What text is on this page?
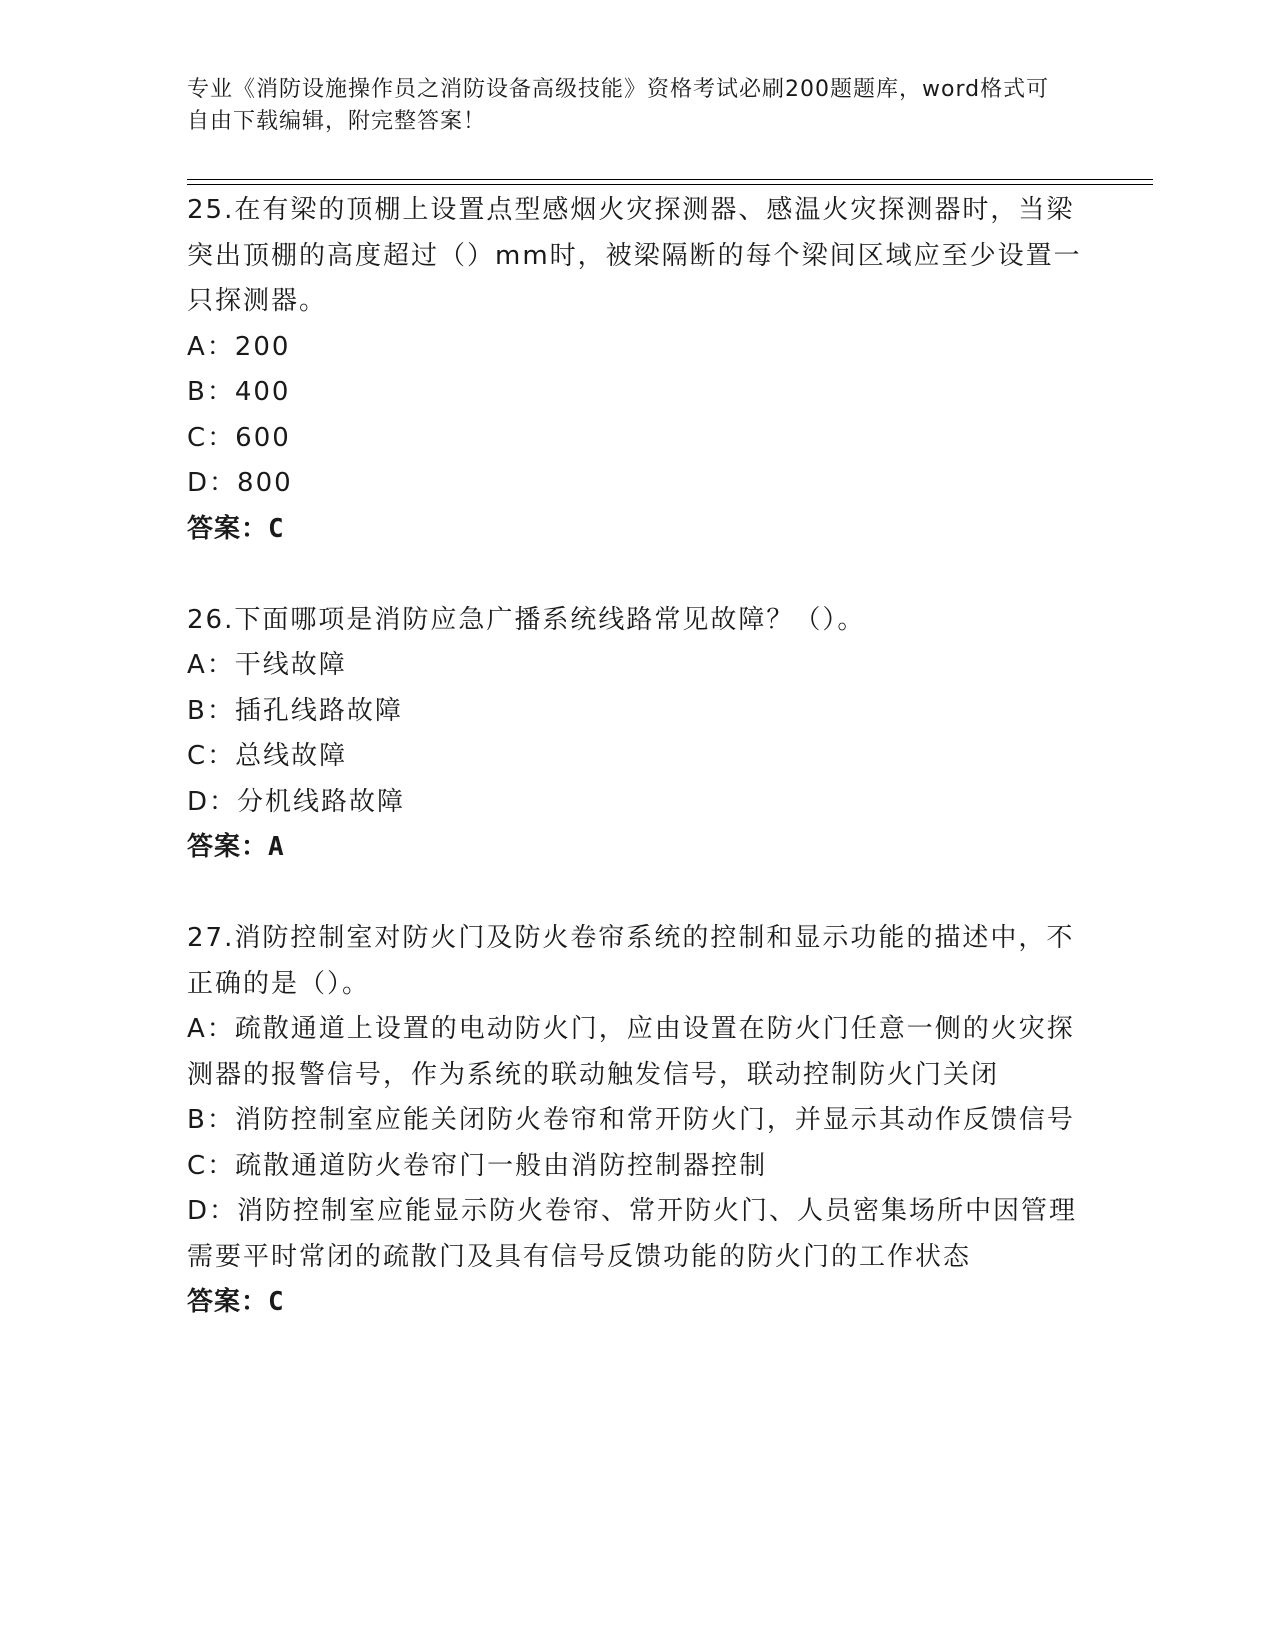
专业《消防设施操作员之消防设备高级技能》资格考试必刷200题题库，word格式可自由下载编辑，附完整答案！
25.在有梁的顶棚上设置点型感烟火灾探测器、感温火灾探测器时，当梁突出顶棚的高度超过（）mm时，被梁隔断的每个梁间区域应至少设置一只探测器。
A：200
B：400
C：600
D：800
答案：C
26.下面哪项是消防应急广播系统线路常见故障？（）。
A：干线故障
B：插孔线路故障
C：总线故障
D：分机线路故障
答案：A
27.消防控制室对防火门及防火卷帘系统的控制和显示功能的描述中，不正确的是（）。
A：疏散通道上设置的电动防火门，应由设置在防火门任意一侧的火灾探测器的报警信号，作为系统的联动触发信号，联动控制防火门关闭
B：消防控制室应能关闭防火卷帘和常开防火门，并显示其动作反馈信号
C：疏散通道防火卷帘门一般由消防控制器控制
D：消防控制室应能显示防火卷帘、常开防火门、人员密集场所中因管理需要平时常闭的疏散门及具有信号反馈功能的防火门的工作状态
答案：C
